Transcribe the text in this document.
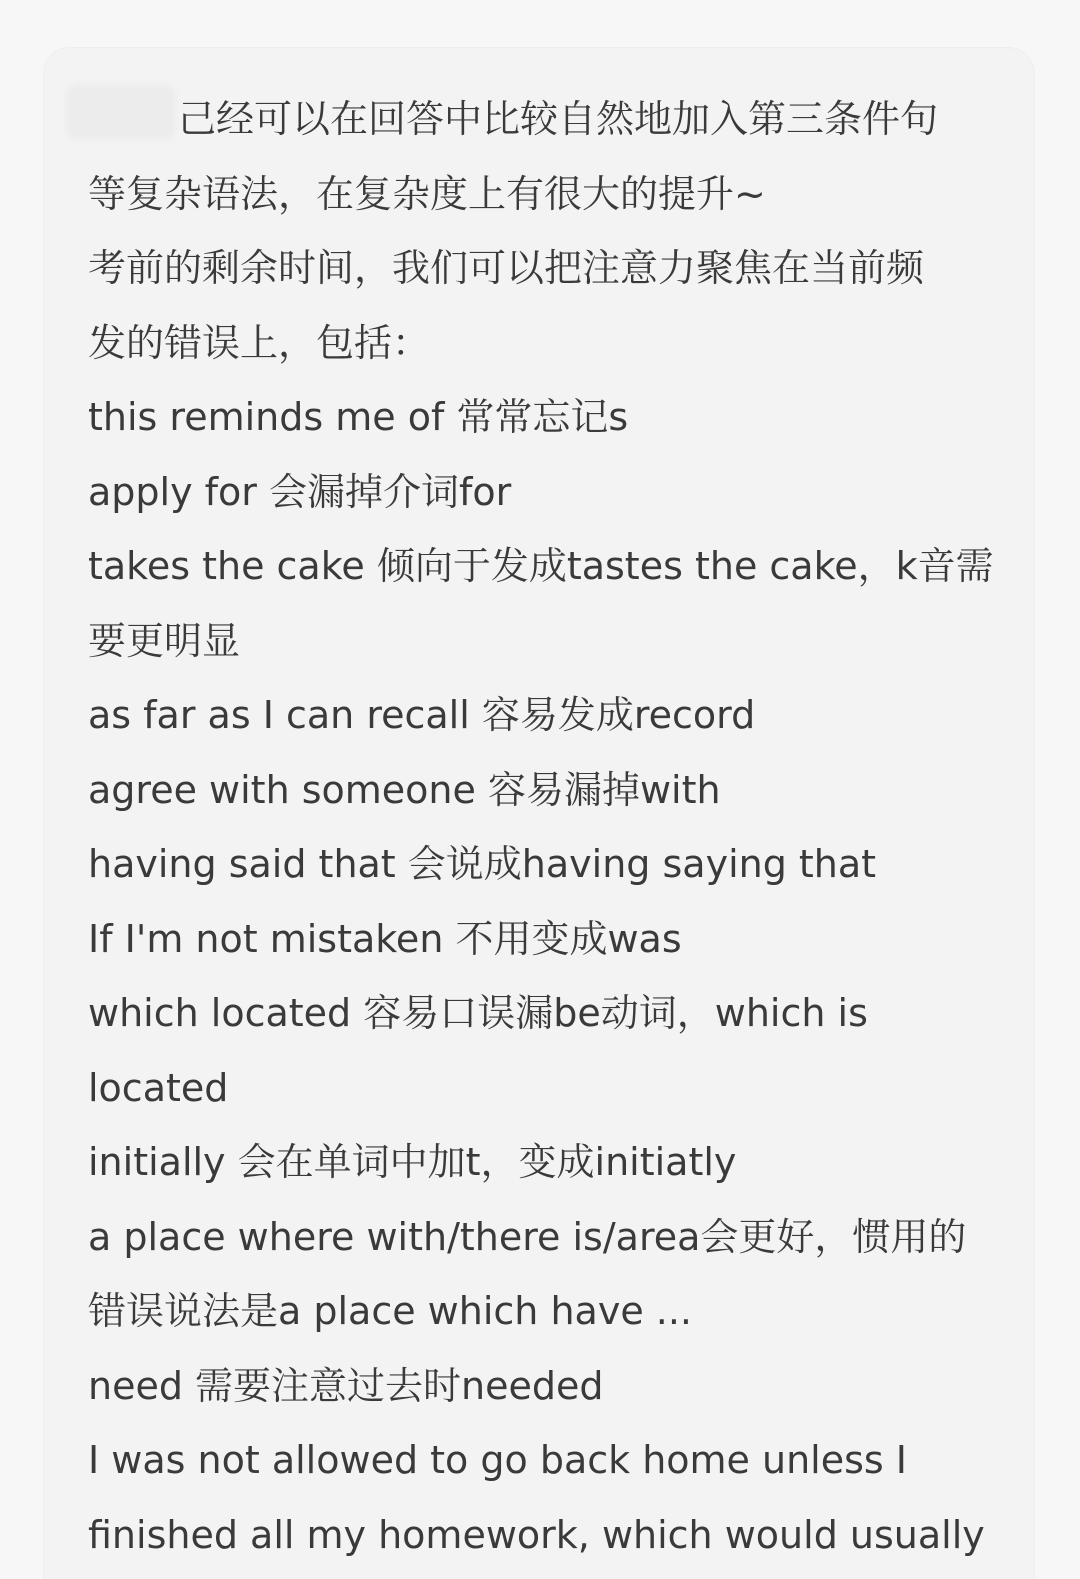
己经可以在回答中比较自然地加入第三条件句
等复杂语法，在复杂度上有很大的提升~
考前的剩余时间，我们可以把注意力聚焦在当前频
发的错误上，包括：
this reminds me of 常常忘记s
apply for 会漏掉介词for
takes the cake 倾向于发成tastes the cake，k音需
要更明显
as far as I can recall 容易发成record
agree with someone 容易漏掉with
having said that 会说成having saying that
If I'm not mistaken 不用变成was
which located 容易口误漏be动词，which is
located
initially 会在单词中加t，变成initiatly
a place where with/there is/area会更好，惯用的
错误说法是a place which have ...
need 需要注意过去时needed
I was not allowed to go back home unless I
finished all my homework, which would usually
